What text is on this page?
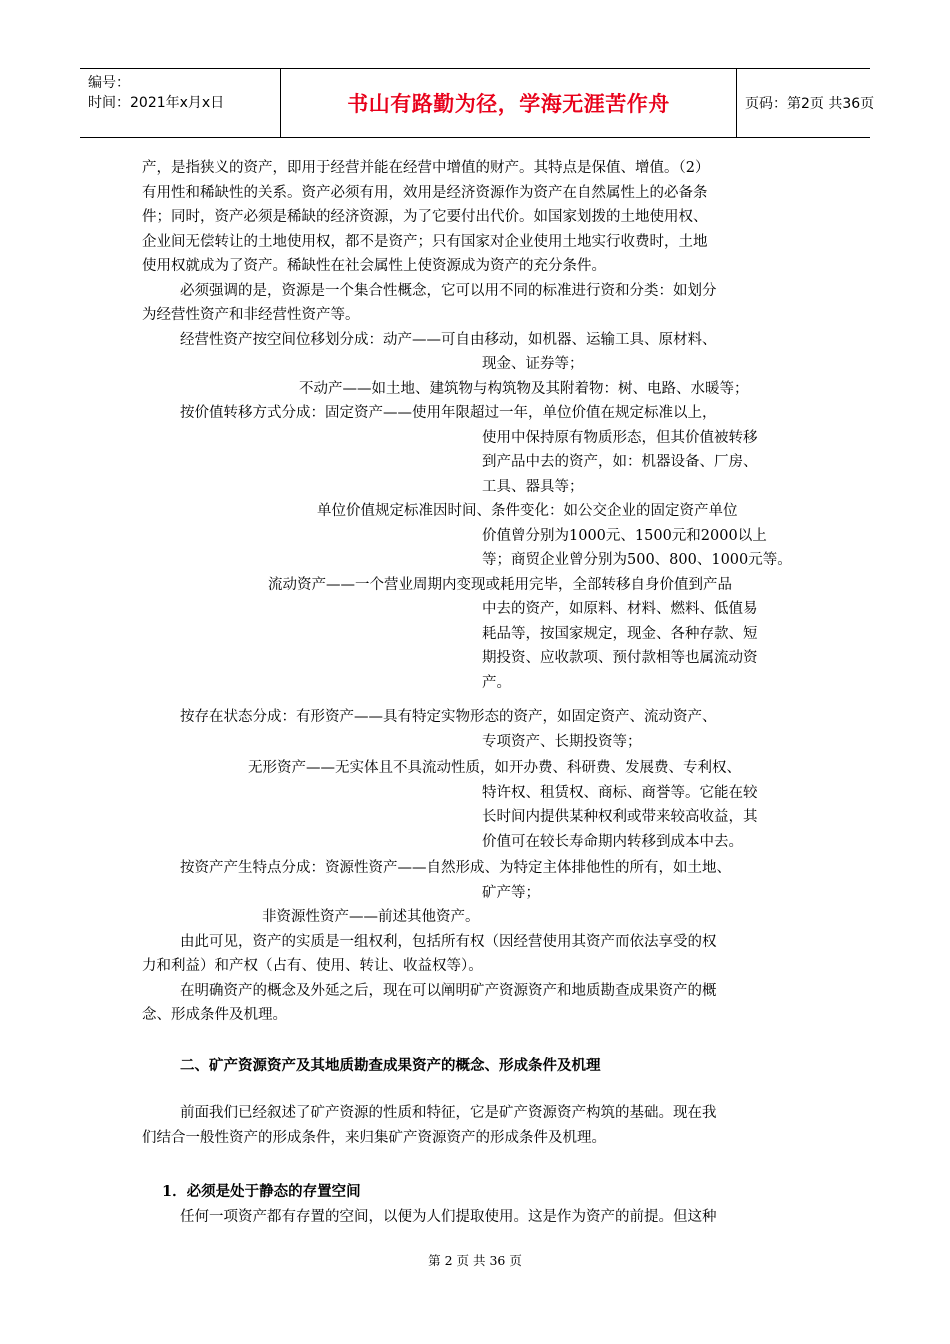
编号：
时间：2021年x月x日	书山有路勤为径，学海无涯苦作舟	页码：第2页 共36页
产，是指狭义的资产，即用于经营并能在经营中增值的财产。其特点是保值、增值。（2）
有用性和稀缺性的关系。资产必须有用，效用是经济资源作为资产在自然属性上的必备条
件；同时，资产必须是稀缺的经济资源，为了它要付出代价。如国家划拨的土地使用权、
企业间无偿转让的土地使用权，都不是资产；只有国家对企业使用土地实行收费时，土地
使用权就成为了资产。稀缺性在社会属性上使资源成为资产的充分条件。
必须强调的是，资源是一个集合性概念，它可以用不同的标准进行资和分类：如划分
为经营性资产和非经营性资产等。
经营性资产按空间位移划分成：动产——可自由移动，如机器、运输工具、原材料、
现金、证券等；
不动产——如土地、建筑物与构筑物及其附着物：树、电路、水暖等；
按价值转移方式分成：固定资产——使用年限超过一年，单位价值在规定标准以上，
使用中保持原有物质形态，但其价值被转移
到产品中去的资产，如：机器设备、厂房、
工具、器具等；
单位价值规定标准因时间、条件变化：如公交企业的固定资产单位
价值曾分别为1000元、1500元和2000以上
等；商贸企业曾分别为500、800、1000元等。
流动资产——一个营业周期内变现或耗用完毕，全部转移自身价值到产品
中去的资产，如原料、材料、燃料、低值易
耗品等，按国家规定，现金、各种存款、短
期投资、应收款项、预付款相等也属流动资
产。
按存在状态分成：有形资产——具有特定实物形态的资产，如固定资产、流动资产、
专项资产、长期投资等；
无形资产——无实体且不具流动性质，如开办费、科研费、发展费、专利权、
特许权、租赁权、商标、商誉等。它能在较
长时间内提供某种权利或带来较高收益，其
价值可在较长寿命期内转移到成本中去。
按资产产生特点分成：资源性资产——自然形成、为特定主体排他性的所有，如土地、
矿产等；
非资源性资产——前述其他资产。
由此可见，资产的实质是一组权利，包括所有权（因经营使用其资产而依法享受的权
力和利益）和产权（占有、使用、转让、收益权等）。
在明确资产的概念及外延之后，现在可以阐明矿产资源资产和地质勘查成果资产的概
念、形成条件及机理。
二、矿产资源资产及其地质勘查成果资产的概念、形成条件及机理
前面我们已经叙述了矿产资源的性质和特征，它是矿产资源资产构筑的基础。现在我
们结合一般性资产的形成条件，来归集矿产资源资产的形成条件及机理。
1．必须是处于静态的存置空间
任何一项资产都有存置的空间，以便为人们提取使用。这是作为资产的前提。但这种
第 2 页 共 36 页
